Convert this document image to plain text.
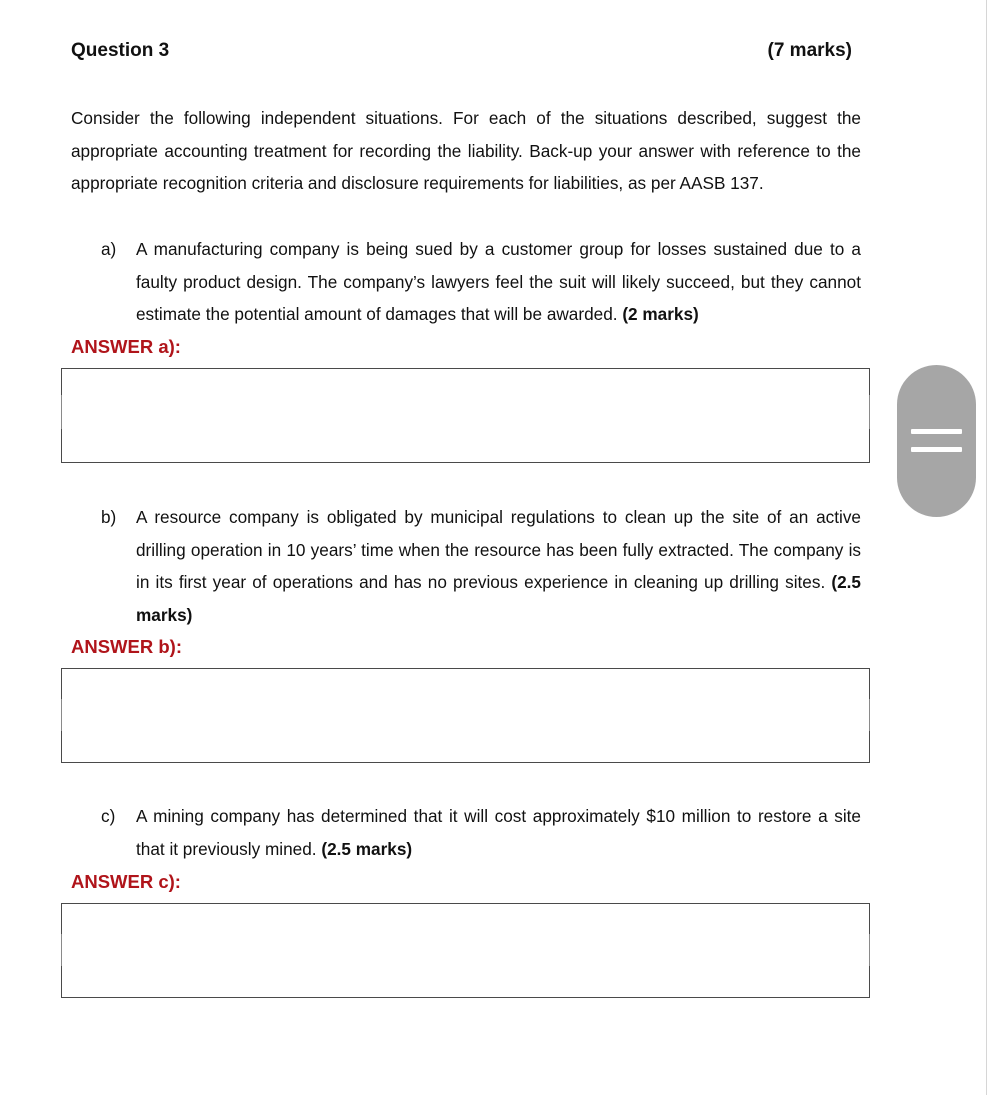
Question 3	(7 marks)

Consider the following independent situations. For each of the situations described, suggest the appropriate accounting treatment for recording the liability. Back-up your answer with reference to the appropriate recognition criteria and disclosure requirements for liabilities, as per AASB 137.

a)	A manufacturing company is being sued by a customer group for losses sustained due to a faulty product design. The company’s lawyers feel the suit will likely succeed, but they cannot estimate the potential amount of damages that will be awarded. (2 marks)
ANSWER a):
b)	A resource company is obligated by municipal regulations to clean up the site of an active drilling operation in 10 years’ time when the resource has been fully extracted. The company is in its first year of operations and has no previous experience in cleaning up drilling sites. (2.5 marks)
ANSWER b):
c)	A mining company has determined that it will cost approximately $10 million to restore a site that it previously mined. (2.5 marks)
ANSWER c):
